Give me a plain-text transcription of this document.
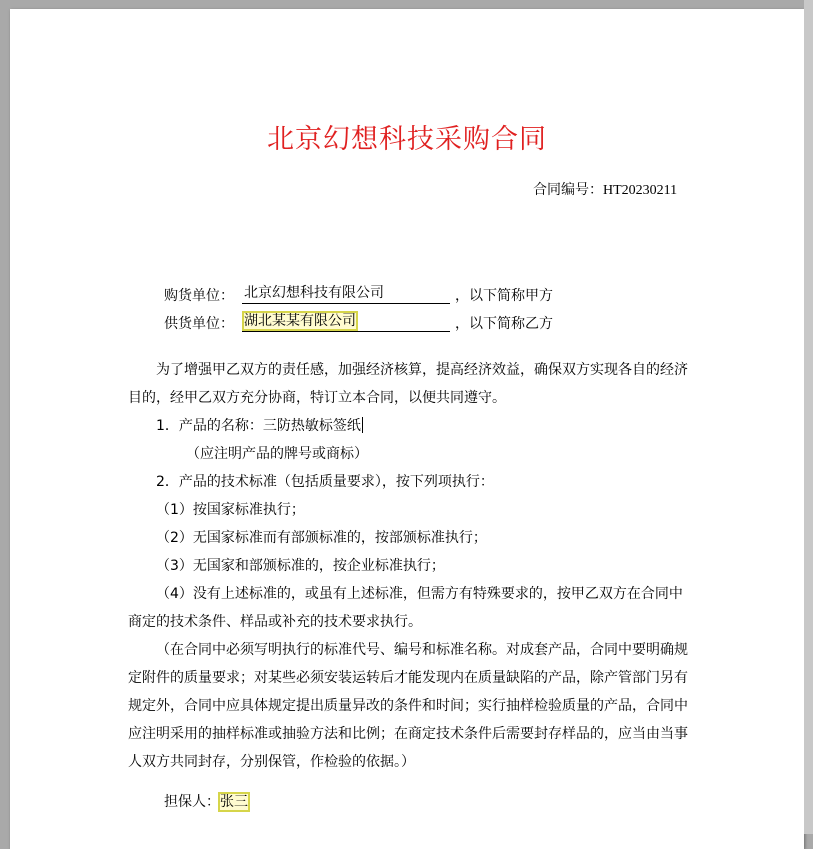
北京幻想科技采购合同
合同编号：HT20230211
购货单位： 北京幻想科技有限公司	，以下简称甲方
供货单位： 湖北某某有限公司	，以下简称乙方
为了增强甲乙双方的责任感，加强经济核算，提高经济效益，确保双方实现各自的经济
目的，经甲乙双方充分协商，特订立本合同，以便共同遵守。
1．产品的名称：三防热敏标签纸
（应注明产品的牌号或商标）
2．产品的技术标准（包括质量要求），按下列项执行：
（1）按国家标准执行；
（2）无国家标准而有部颁标准的，按部颁标准执行；
（3）无国家和部颁标准的，按企业标准执行；
（4）没有上述标准的，或虽有上述标准，但需方有特殊要求的，按甲乙双方在合同中
商定的技术条件、样品或补充的技术要求执行。
（在合同中必须写明执行的标准代号、编号和标准名称。对成套产品，合同中要明确规
定附件的质量要求；对某些必须安装运转后才能发现内在质量缺陷的产品，除产管部门另有
规定外，合同中应具体规定提出质量异改的条件和时间；实行抽样检验质量的产品，合同中
应注明采用的抽样标准或抽验方法和比例；在商定技术条件后需要封存样品的，应当由当事
人双方共同封存，分别保管，作检验的依据。）
担保人：张三
